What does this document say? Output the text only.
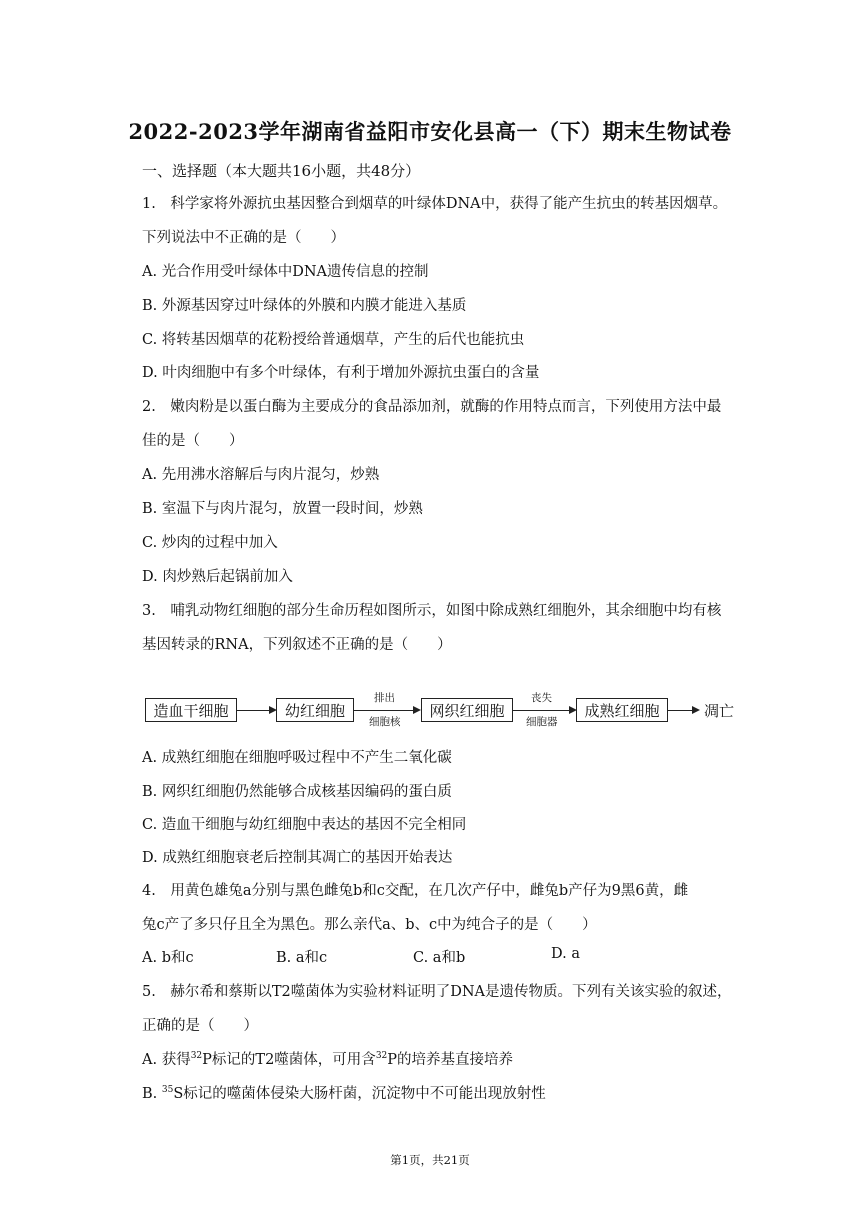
2022-2023学年湖南省益阳市安化县高一（下）期末生物试卷
一、选择题（本大题共16小题，共48分）
1.　科学家将外源抗虫基因整合到烟草的叶绿体DNA中，获得了能产生抗虫的转基因烟草。
下列说法中不正确的是（　　）
A. 光合作用受叶绿体中DNA遗传信息的控制
B. 外源基因穿过叶绿体的外膜和内膜才能进入基质
C. 将转基因烟草的花粉授给普通烟草，产生的后代也能抗虫
D. 叶肉细胞中有多个叶绿体，有利于增加外源抗虫蛋白的含量
2.　嫩肉粉是以蛋白酶为主要成分的食品添加剂，就酶的作用特点而言，下列使用方法中最
佳的是（　　）
A. 先用沸水溶解后与肉片混匀，炒熟
B. 室温下与肉片混匀，放置一段时间，炒熟
C. 炒肉的过程中加入
D. 肉炒熟后起锅前加入
3.　哺乳动物红细胞的部分生命历程如图所示，如图中除成熟红细胞外，其余细胞中均有核
基因转录的RNA，下列叙述不正确的是（　　）
造血干细胞	幼红细胞
排出
细胞核
网织红细胞
丧失
细胞器
成熟红细胞	凋亡
A. 成熟红细胞在细胞呼吸过程中不产生二氧化碳
B. 网织红细胞仍然能够合成核基因编码的蛋白质
C. 造血干细胞与幼红细胞中表达的基因不完全相同
D. 成熟红细胞衰老后控制其凋亡的基因开始表达
4.　用黄色雄兔a分别与黑色雌兔b和c交配，在几次产仔中，雌兔b产仔为9黑6黄，雌
兔c产了多只仔且全为黑色。那么亲代a、b、c中为纯合子的是（　　）
A. b和c	B. a和c	C. a和b	D. a
5.　赫尔希和蔡斯以T2噬菌体为实验材料证明了DNA是遗传物质。下列有关该实验的叙述，
正确的是（　　）
A. 获得$^{32}$P标记的T2噬菌体，可用含$^{32}$P的培养基直接培养
B. $^{35}$S标记的噬菌体侵染大肠杆菌，沉淀物中不可能出现放射性
第1页，共21页
